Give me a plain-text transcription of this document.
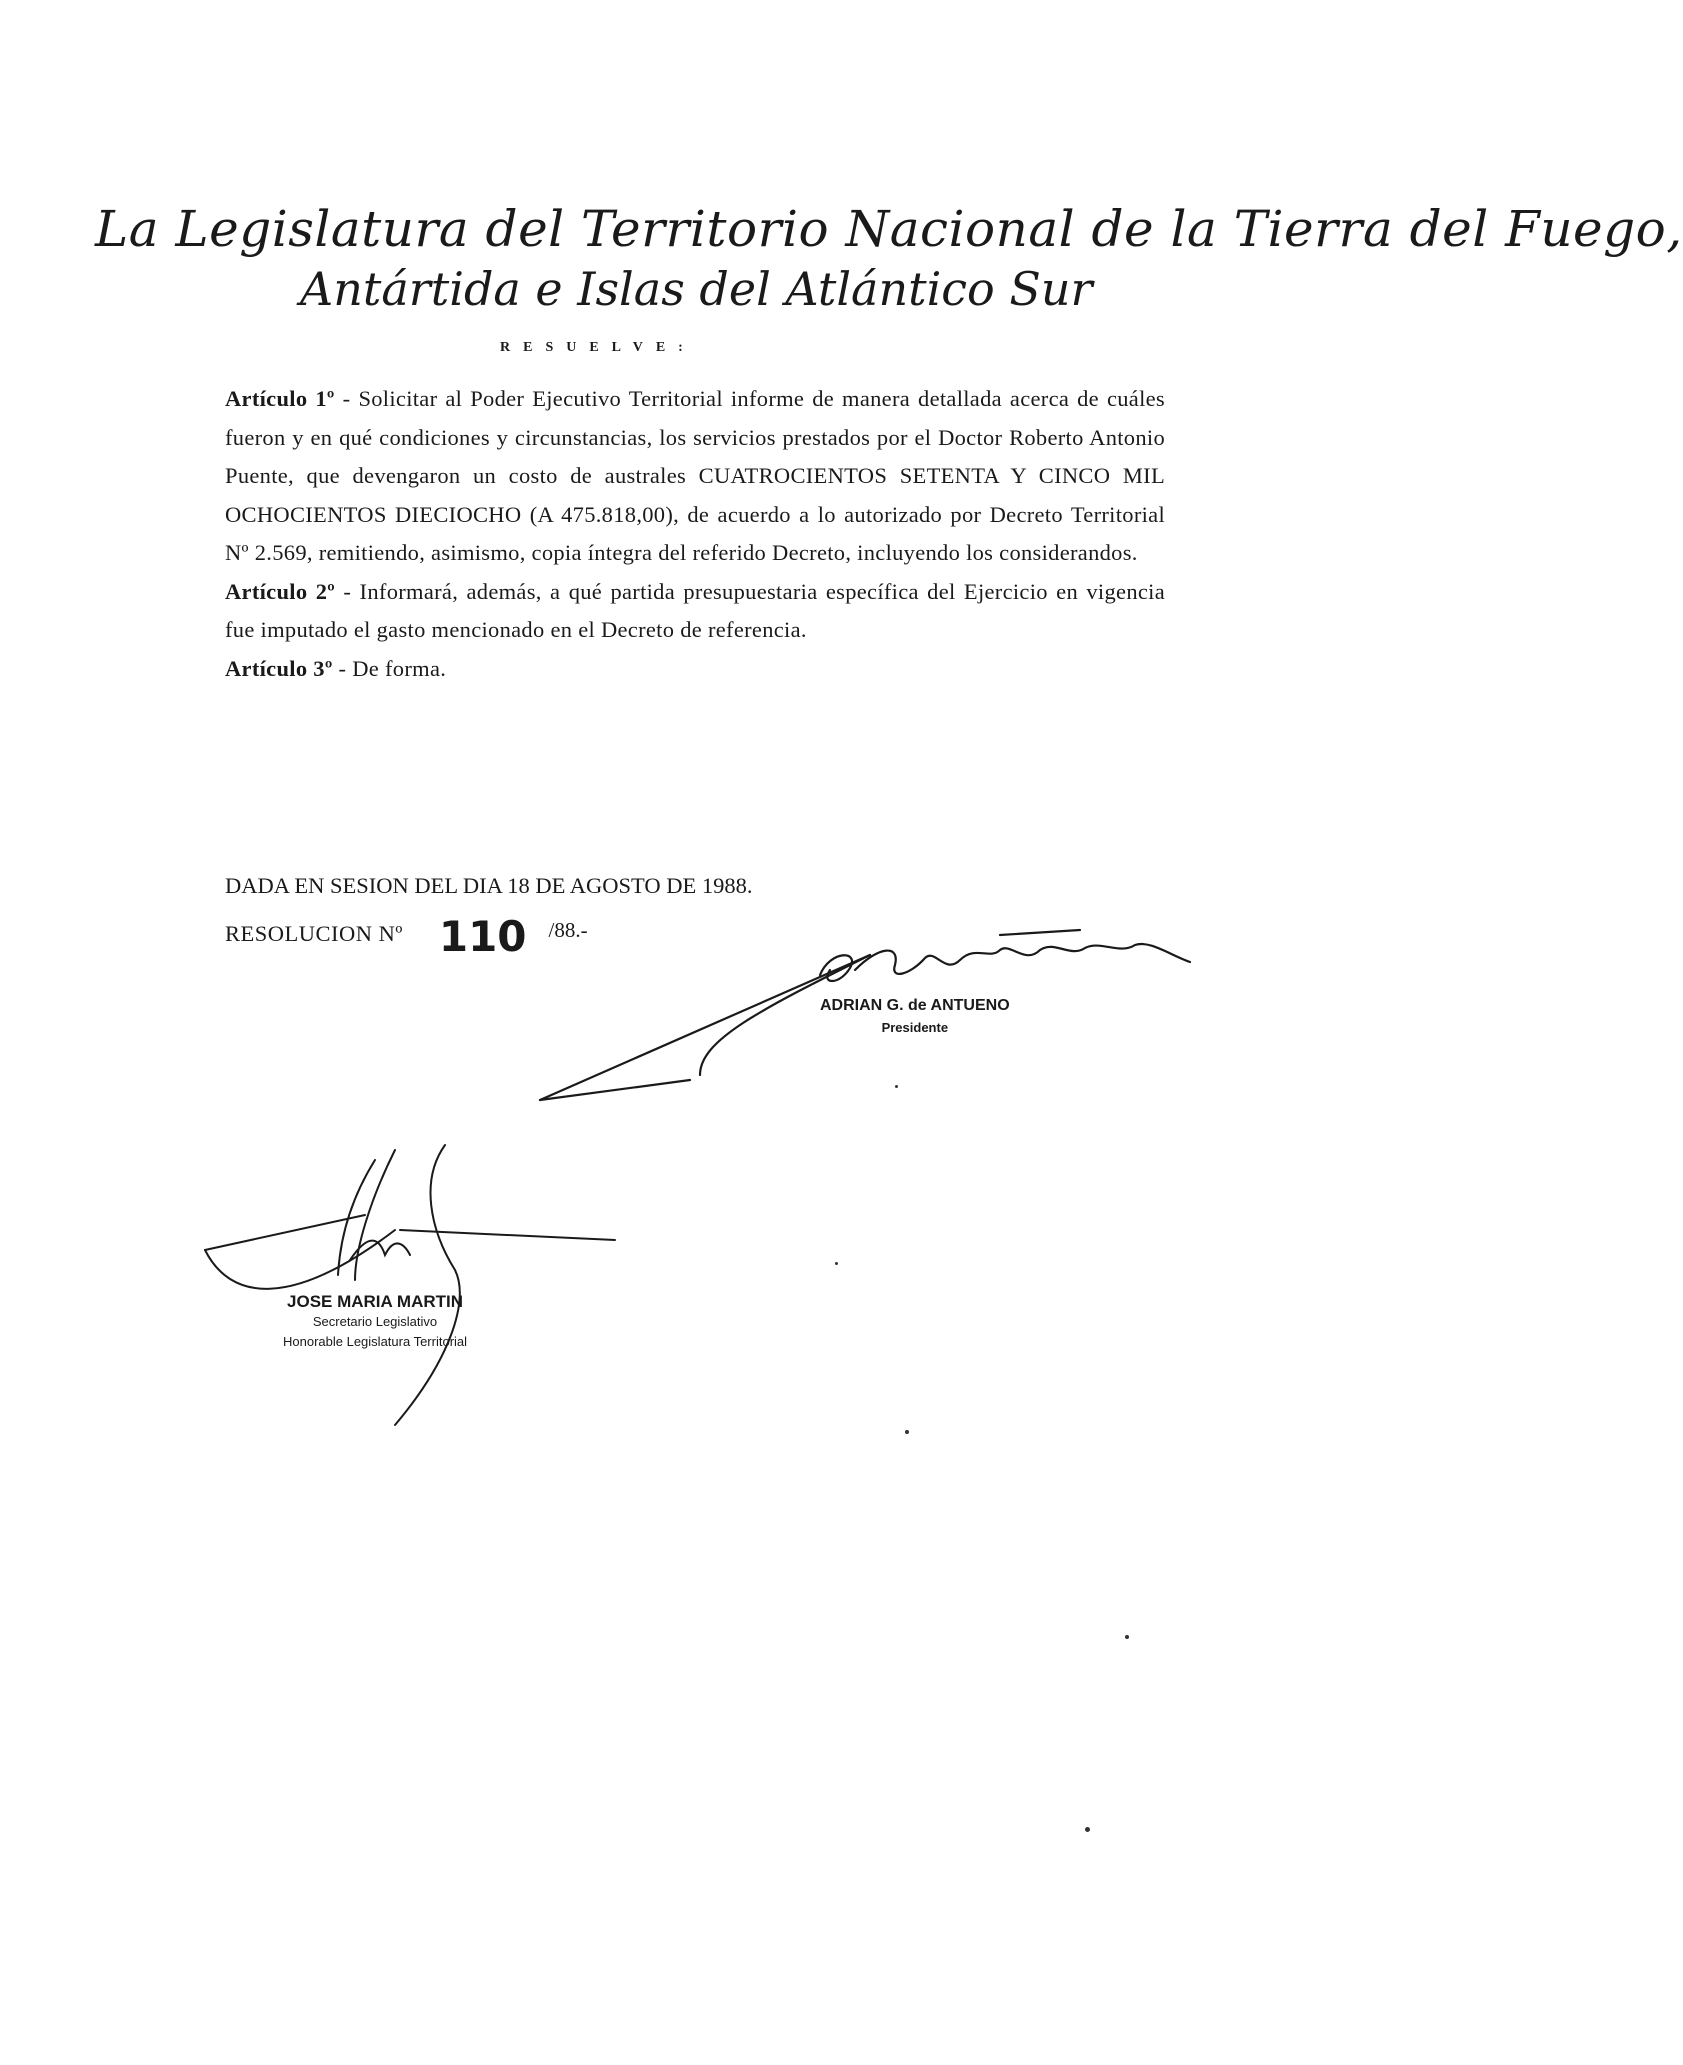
La Legislatura del Territorio Nacional de la Tierra del Fuego,
Antártida e Islas del Atlántico Sur
RESUELVE:

Artículo 1º - Solicitar al Poder Ejecutivo Territorial informe de manera detallada acerca de cuáles fueron y en qué condiciones y circunstancias, los servicios prestados por el Doctor Roberto Antonio Puente, que devengaron un costo de australes CUATROCIENTOS SETENTA Y CINCO MIL OCHOCIENTOS DIECIOCHO (A 475.818,00), de acuerdo a lo autorizado por Decreto Territorial Nº 2.569, remitiendo, asimismo, copia íntegra del referido Decreto, incluyendo los considerandos.

Artículo 2º - Informará, además, a qué partida presupuestaria específica del Ejercicio en vigencia fue imputado el gasto mencionado en el Decreto de referencia.

Artículo 3º - De forma.

DADA EN SESION DEL DIA 18 DE AGOSTO DE 1988.
RESOLUCION Nº 110 /88.-
ADRIAN G. de ANTUENO
Presidente
JOSE MARIA MARTIN
Secretario Legislativo
Honorable Legislatura Territorial
